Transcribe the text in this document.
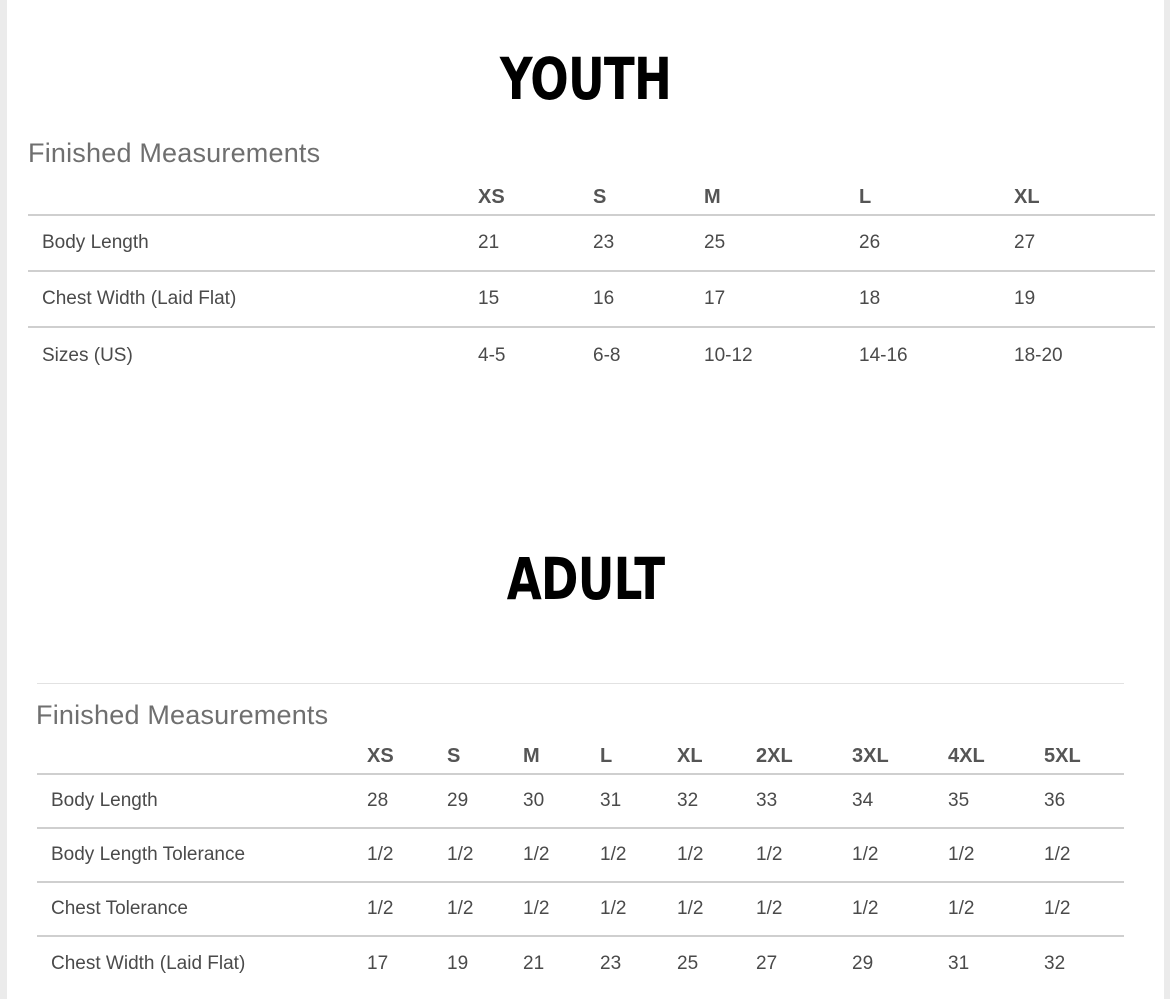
YOUTH
Finished Measurements
	XS	S	M	L	XL
Body Length	21	23	25	26	27
Chest Width (Laid Flat)	15	16	17	18	19
Sizes (US)	4-5	6-8	10-12	14-16	18-20
ADULT
Finished Measurements
	XS	S	M	L	XL	2XL	3XL	4XL	5XL
Body Length	28	29	30	31	32	33	34	35	36
Body Length Tolerance	1/2	1/2	1/2	1/2	1/2	1/2	1/2	1/2	1/2
Chest Tolerance	1/2	1/2	1/2	1/2	1/2	1/2	1/2	1/2	1/2
Chest Width (Laid Flat)	17	19	21	23	25	27	29	31	32
